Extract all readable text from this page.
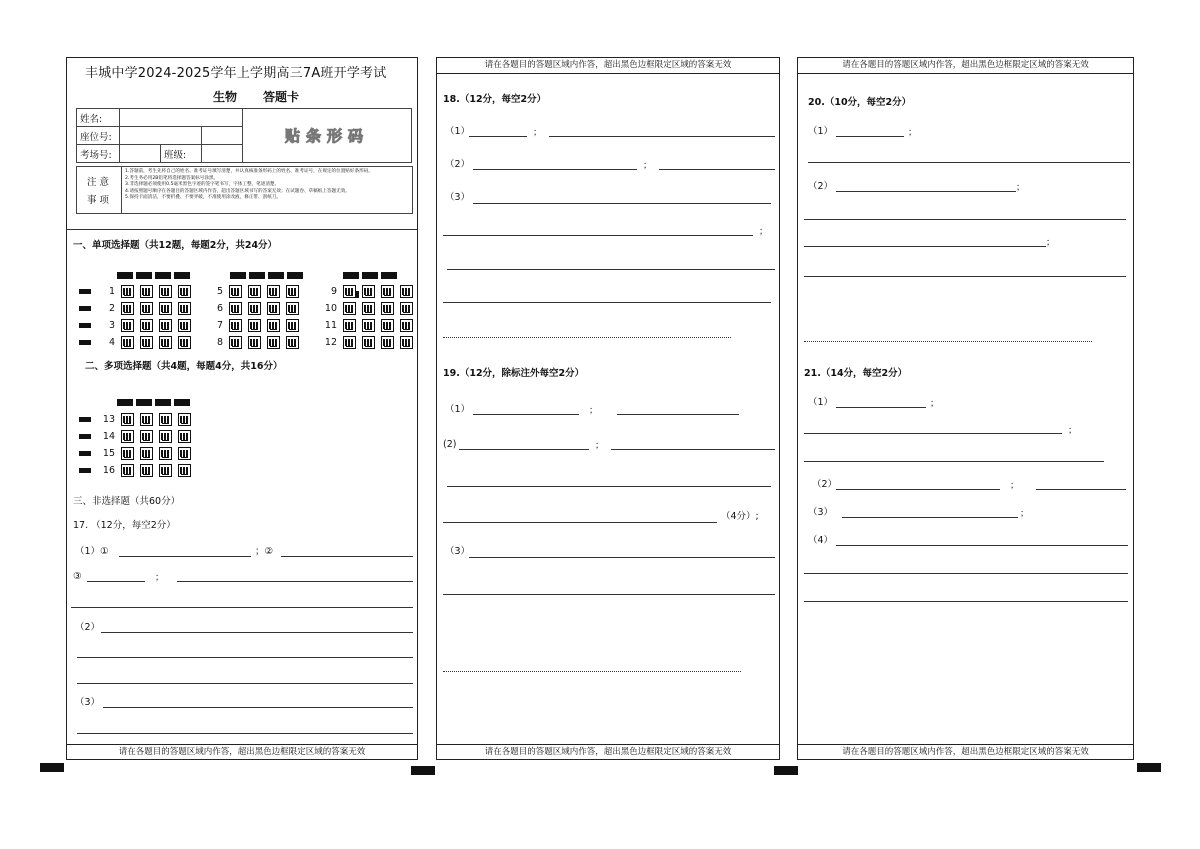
丰城中学2024-2025学年上学期高三7A班开学考试
生物 答题卡
姓名:				贴条形码
座位号:				
考场号:		班级:		
注 意
事 项
1.答题前，考生先将自己的姓名、准考证号填写清楚，并认真核准条形码上的姓名、准考证号，在规定的位置贴好条形码。
2.考生务必用2B铅笔将选择题答案标号涂黑。
3.非选择题必须使用0.5毫米黑色字迹的签字笔书写，字体工整、笔迹清楚。
4.请按照题号顺序在各题目的答题区域内作答，超出答题区域书写的答案无效；在试题卷、草稿纸上答题无效。
5.保持卡面清洁，不要折叠、不要弄破，不准使用涂改液、修正带、刮纸刀。
一、单项选择题（共12题，每题2分，共24分）
1
2
3
4
5
6
7
8
9
10
11
12
二、多项选择题（共4题，每题4分，共16分）
13
14
15
16
三、非选择题（共60分）
17. （12分，每空2分）
（1）①	；②
③	；
（2）
（3）
请在各题目的答题区域内作答，超出黑色边框限定区域的答案无效
请在各题目的答题区域内作答，超出黑色边框限定区域的答案无效
18.（12分，每空2分）
（1）	；
（2）	；
（3）
；
19.（12分，除标注外每空2分）
（1）	；
(2)	；
（4分）;
（3）
请在各题目的答题区域内作答，超出黑色边框限定区域的答案无效
请在各题目的答题区域内作答，超出黑色边框限定区域的答案无效
20.（10分，每空2分）
（1）	；
（2）	；
；
21.（14分，每空2分）
（1）	；
；
（2）	；
（3）	；
（4）
请在各题目的答题区域内作答，超出黑色边框限定区域的答案无效
